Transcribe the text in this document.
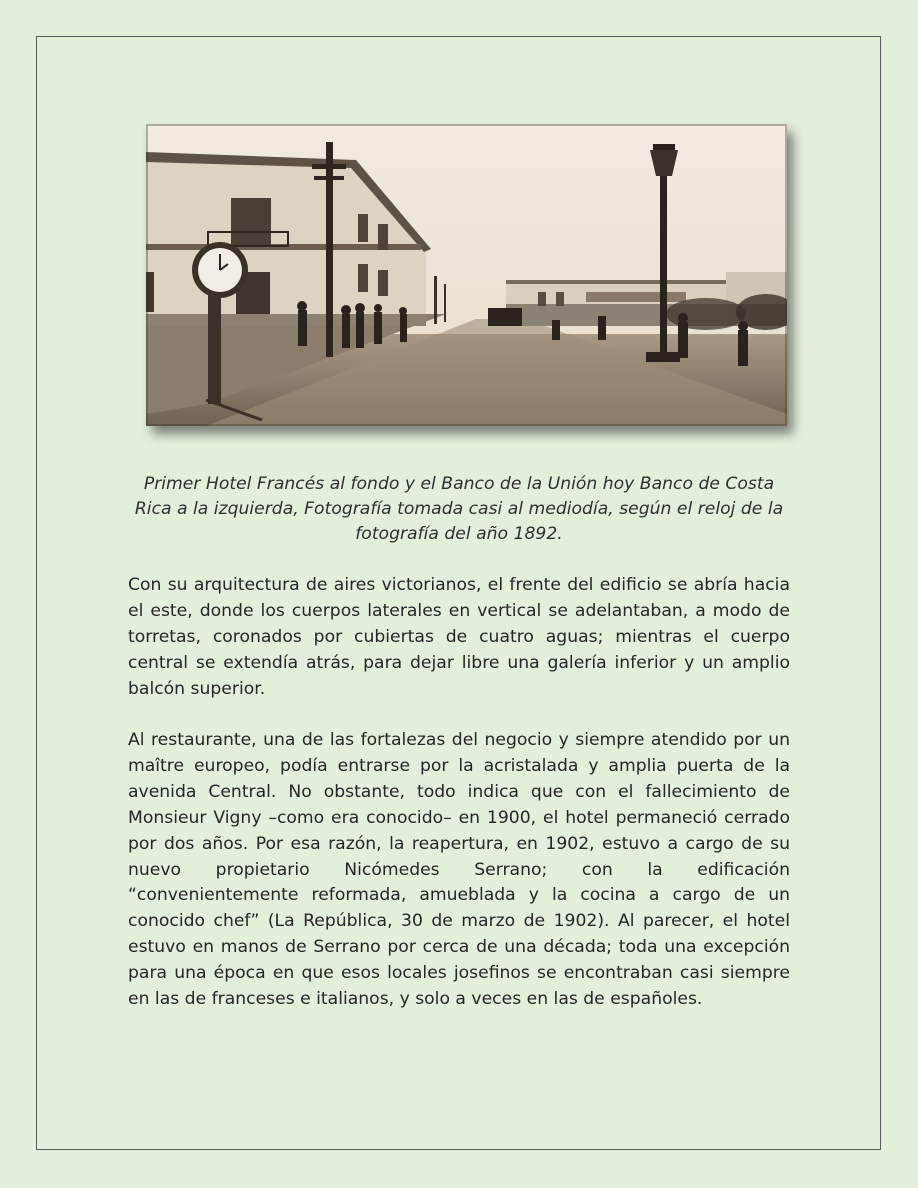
Primer Hotel Francés al fondo y el Banco de la Unión hoy Banco de Costa Rica a la izquierda, Fotografía tomada casi al mediodía, según el reloj de la fotografía del año 1892.

Con su arquitectura de aires victorianos, el frente del edificio se abría hacia el este, donde los cuerpos laterales en vertical se adelantaban, a modo de torretas, coronados por cubiertas de cuatro aguas; mientras el cuerpo central se extendía atrás, para dejar libre una galería inferior y un amplio balcón superior.

Al restaurante, una de las fortalezas del negocio y siempre atendido por un maître europeo, podía entrarse por la acristalada y amplia puerta de la avenida Central. No obstante, todo indica que con el fallecimiento de Monsieur Vigny –como era conocido– en 1900, el hotel permaneció cerrado por dos años. Por esa razón, la reapertura, en 1902, estuvo a cargo de su nuevo propietario Nicómedes Serrano; con la edificación “convenientemente reformada, amueblada y la cocina a cargo de un conocido chef” (La República, 30 de marzo de 1902). Al parecer, el hotel estuvo en manos de Serrano por cerca de una década; toda una excepción para una época en que esos locales josefinos se encontraban casi siempre en las de franceses e italianos, y solo a veces en las de españoles.
